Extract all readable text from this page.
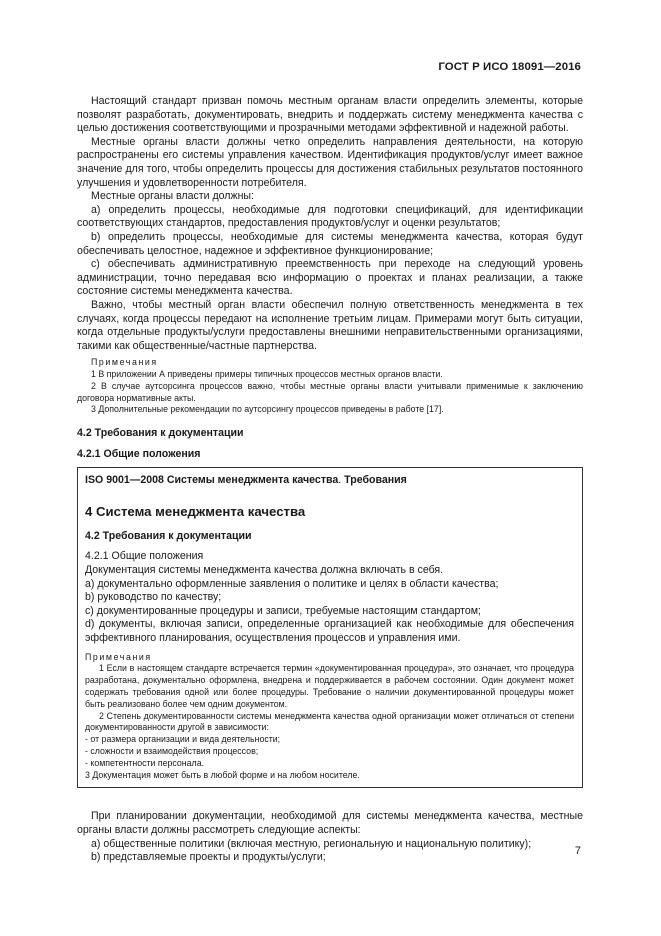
ГОСТ Р ИСО 18091—2016

Настоящий стандарт призван помочь местным органам власти определить элементы, которые позволят разработать, документировать, внедрить и поддержать систему менеджмента качества с целью достижения соответствующими и прозрачными методами эффективной и надежной работы.

Местные органы власти должны четко определить направления деятельности, на которую распространены его системы управления качеством. Идентификация продуктов/услуг имеет важное значение для того, чтобы определить процессы для достижения стабильных результатов постоянного улучшения и удовлетворенности потребителя.

Местные органы власти должны:

а) определить процессы, необходимые для подготовки спецификаций, для идентификации соответствующих стандартов, предоставления продуктов/услуг и оценки результатов;

b) определить процессы, необходимые для системы менеджмента качества, которая будут обеспечивать целостное, надежное и эффективное функционирование;

с) обеспечивать административную преемственность при переходе на следующий уровень администрации, точно передавая всю информацию о проектах и планах реализации, а также состояние системы менеджмента качества.

Важно, чтобы местный орган власти обеспечил полную ответственность менеджмента в тех случаях, когда процессы передают на исполнение третьим лицам. Примерами могут быть ситуации, когда отдельные продукты/услуги предоставлены внешними неправительственными организациями, такими как общественные/частные партнерства.

Примечания

1 В приложении А приведены примеры типичных процессов местных органов власти.

2 В случае аутсорсинга процессов важно, чтобы местные органы власти учитывали применимые к заключению договора нормативные акты.

3 Дополнительные рекомендации по аутсорсингу процессов приведены в работе [17].

4.2 Требования к документации

4.2.1 Общие положения

ISO 9001—2008 Системы менеджмента качества. Требования

4 Система менеджмента качества

4.2 Требования к документации

4.2.1 Общие положения

Документация системы менеджмента качества должна включать в себя.

а) документально оформленные заявления о политике и целях в области качества;

b) руководство по качеству;

с) документированные процедуры и записи, требуемые настоящим стандартом;

d) документы, включая записи, определенные организацией как необходимые для обеспечения эффективного планирования, осуществления процессов и управления ими.

Примечания

1 Если в настоящем стандарте встречается термин «документированная процедура», это означает, что процедура разработана, документально оформлена, внедрена и поддерживается в рабочем состоянии. Один документ может содержать требования одной или более процедуры. Требование о наличии документированной процедуры может быть реализовано более чем одним документом.

2 Степень документированности системы менеджмента качества одной организации может отличаться от степени документированности другой в зависимости:

- от размера организации и вида деятельности;

- сложности и взаимодействия процессов;

- компетентности персонала.

3 Документация может быть в любой форме и на любом носителе.

При планировании документации, необходимой для системы менеджмента качества, местные органы власти должны рассмотреть следующие аспекты:

а) общественные политики (включая местную, региональную и национальную политику);

b) представляемые проекты и продукты/услуги;

7
